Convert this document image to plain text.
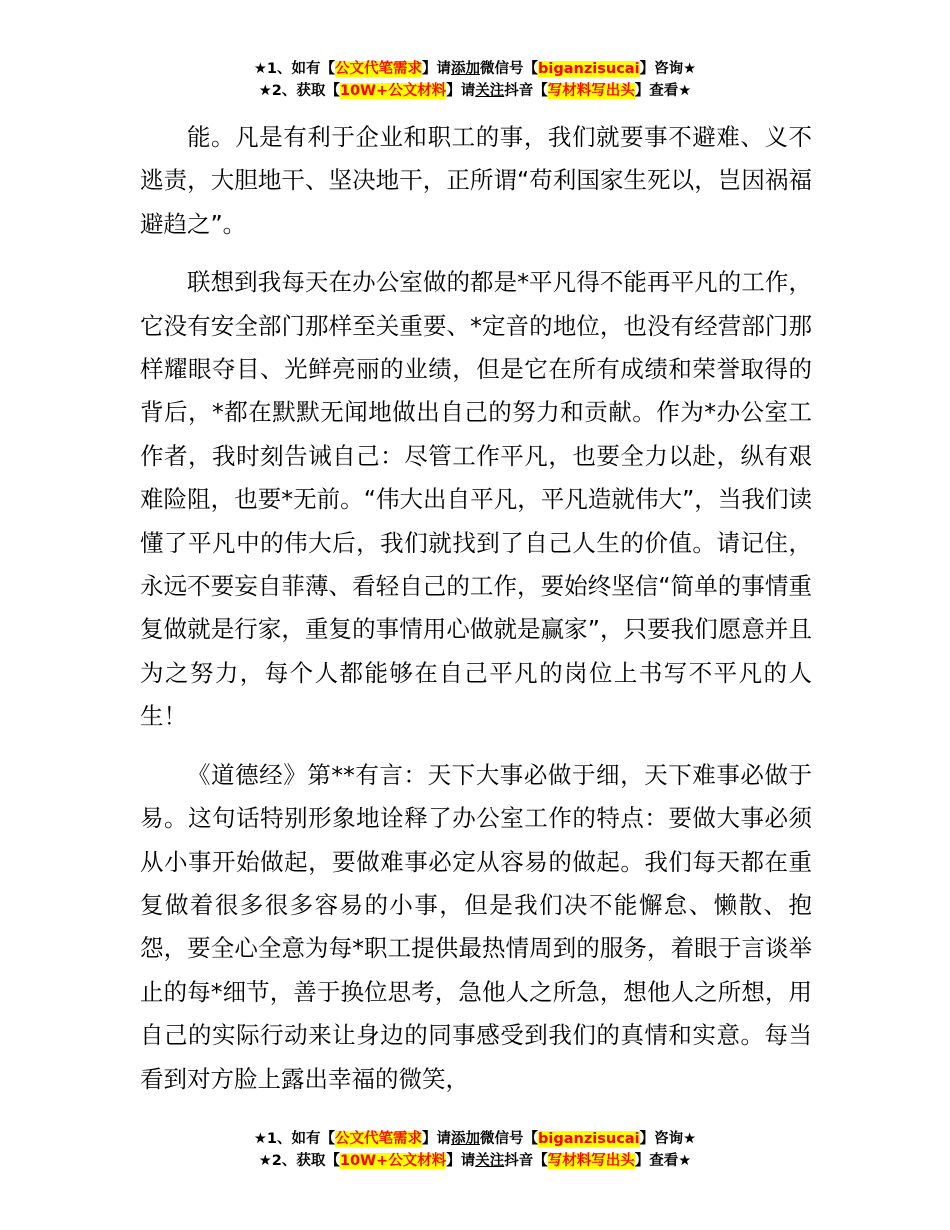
★1、如有【公文代笔需求】请添加微信号【biganzisucai】咨询★
★2、获取【10W+公文材料】请关注抖音【写材料写出头】查看★

能。凡是有利于企业和职工的事，我们就要事不避难、义不逃责，大胆地干、坚决地干，正所谓“苟利国家生死以，岂因祸福避趋之”。

联想到我每天在办公室做的都是*平凡得不能再平凡的工作，它没有安全部门那样至关重要、*定音的地位，也没有经营部门那样耀眼夺目、光鲜亮丽的业绩，但是它在所有成绩和荣誉取得的背后，*都在默默无闻地做出自己的努力和贡献。作为*办公室工作者，我时刻告诫自己：尽管工作平凡，也要全力以赴，纵有艰难险阻，也要*无前。“伟大出自平凡，平凡造就伟大”，当我们读懂了平凡中的伟大后，我们就找到了自己人生的价值。请记住，永远不要妄自菲薄、看轻自己的工作，要始终坚信“简单的事情重复做就是行家，重复的事情用心做就是赢家”，只要我们愿意并且为之努力，每个人都能够在自己平凡的岗位上书写不平凡的人生！

《道德经》第**有言：天下大事必做于细，天下难事必做于易。这句话特别形象地诠释了办公室工作的特点：要做大事必须从小事开始做起，要做难事必定从容易的做起。我们每天都在重复做着很多很多容易的小事，但是我们决不能懈怠、懒散、抱怨，要全心全意为每*职工提供最热情周到的服务，着眼于言谈举止的每*细节，善于换位思考，急他人之所急，想他人之所想，用自己的实际行动来让身边的同事感受到我们的真情和实意。每当看到对方脸上露出幸福的微笑，

★1、如有【公文代笔需求】请添加微信号【biganzisucai】咨询★
★2、获取【10W+公文材料】请关注抖音【写材料写出头】查看★
